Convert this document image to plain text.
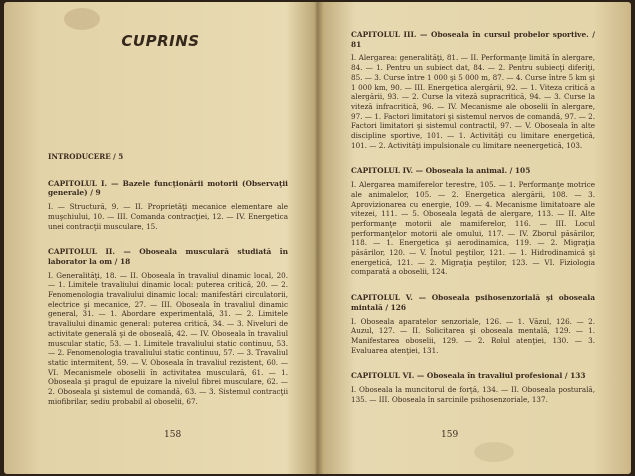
CUPRINS
INTRODUCERE / 5
CAPITOLUL I. — Bazele funcţionării motorii (Observaţii generale) / 9
I. — Structură, 9. — II. Proprietăţi mecanice elementare ale muşchiului, 10. — III. Comanda contracţiei, 12. — IV. Energetica unei contracţii musculare, 15.
CAPITOLUL II. — Oboseala musculară studiată în laborator la om / 18
I. Generalităţi, 18. — II. Oboseala în travaliul dinamic local, 20. — 1. Limitele travaliului dinamic local: puterea critică, 20. — 2. Fenomenologia travaliului dinamic local: manifestări circulatorii, electrice şi mecanice, 27. — III. Oboseala în travaliul dinamic general, 31. — 1. Abordare experimentală, 31. — 2. Limitele travaliului dinamic general: puterea critică, 34. — 3. Niveluri de activitate generală şi de oboseală, 42. — IV. Oboseala în travaliul muscular static, 53. — 1. Limitele travaliului static continuu, 53. — 2. Fenomenologia travaliului static continuu, 57. — 3. Travaliul static intermitent, 59. — V. Oboseala în travaliul rezistent, 60. — VI. Mecanismele oboselii în activitatea musculară, 61. — 1. Oboseala şi pragul de epuizare la nivelul fibrei musculare, 62. — 2. Oboseala şi sistemul de comandă, 63. — 3. Sistemul contracţii miofibrilar, sediu probabil al oboselii, 67.
158
CAPITOLUL III. — Oboseala în cursul probelor sportive. / 81
I. Alergarea: generalităţi, 81. — II. Performanţe limită în alergare, 84. — 1. Pentru un subiect dat, 84. — 2. Pentru subiecţi diferiţi, 85. — 3. Curse între 1 000 şi 5 000 m, 87. — 4. Curse între 5 km şi 1 000 km, 90. — III. Energetica alergării, 92. — 1. Viteza critică a alergării, 93. — 2. Curse la viteză supracritică, 94. — 3. Curse la viteză infracritică, 96. — IV. Mecanisme ale oboselii în alergare, 97. — 1. Factori limitatori şi sistemul nervos de comandă, 97. — 2. Factori limitatori şi sistemul contractil, 97. — V. Oboseala în alte discipline sportive, 101. — 1. Activităţi cu limitare energetică, 101. — 2. Activităţi impulsionale cu limitare neenergetică, 103.
CAPITOLUL IV. — Oboseala la animal. / 105
I. Alergarea mamiferelor terestre, 105. — 1. Performanţe motrice ale animalelor, 105. — 2. Energetica alergării, 108. — 3. Aprovizionarea cu energie, 109. — 4. Mecanisme limitatoare ale vitezei, 111. — 5. Oboseala legată de alergare, 113. — II. Alte performanţe motorii ale mamiferelor, 116. — III. Locul performanţelor motorii ale omului, 117. — IV. Zborul păsărilor, 118. — 1. Energetica şi aerodinamica, 119. — 2. Migraţia păsărilor, 120. — V. Înotul peştilor, 121. — 1. Hidrodinamică şi energetică, 121. — 2. Migraţia peştilor, 123. — VI. Fiziologia comparată a oboselii, 124.
CAPITOLUL V. — Oboseala psihosenzorială şi oboseala mintală / 126
I. Oboseala aparatelor senzoriale, 126. — 1. Văzul, 126. — 2. Auzul, 127. — II. Solicitarea şi oboseala mentală, 129. — 1. Manifestarea oboselii, 129. — 2. Rolul atenţiei, 130. — 3. Evaluarea atenţiei, 131.
CAPITOLUL VI. — Oboseala în travaliul profesional / 133
I. Oboseala la muncitorul de forţă, 134. — II. Oboseala posturală, 135. — III. Oboseala în sarcinile psihosenzoriale, 137.
159
